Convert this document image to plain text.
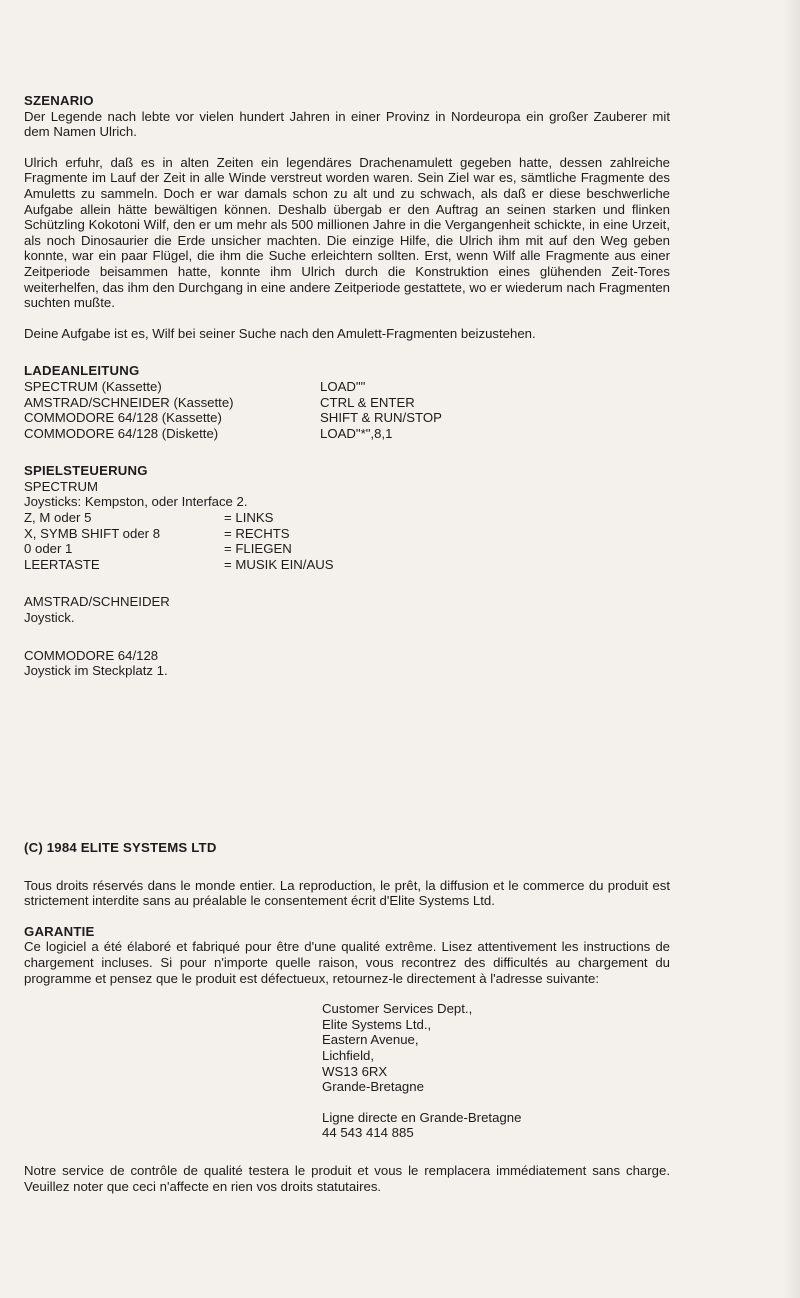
SZENARIO

Der Legende nach lebte vor vielen hundert Jahren in einer Provinz in Nordeuropa ein großer Zauberer mit dem Namen Ulrich.

Ulrich erfuhr, daß es in alten Zeiten ein legendäres Drachenamulett gegeben hatte, dessen zahlreiche Fragmente im Lauf der Zeit in alle Winde verstreut worden waren. Sein Ziel war es, sämtliche Fragmente des Amuletts zu sammeln. Doch er war damals schon zu alt und zu schwach, als daß er diese beschwerliche Aufgabe allein hätte bewältigen können. Deshalb übergab er den Auftrag an seinen starken und flinken Schützling Kokotoni Wilf, den er um mehr als 500 millionen Jahre in die Vergangenheit schickte, in eine Urzeit, als noch Dinosaurier die Erde unsicher machten. Die einzige Hilfe, die Ulrich ihm mit auf den Weg geben konnte, war ein paar Flügel, die ihm die Suche erleichtern sollten. Erst, wenn Wilf alle Fragmente aus einer Zeitperiode beisammen hatte, konnte ihm Ulrich durch die Konstruktion eines glühenden Zeit-Tores weiterhelfen, das ihm den Durchgang in eine andere Zeitperiode gestattete, wo er wiederum nach Fragmenten suchten mußte.

Deine Aufgabe ist es, Wilf bei seiner Suche nach den Amulett-Fragmenten beizustehen.

LADEANLEITUNG
SPECTRUM (Kassette)	LOAD""
AMSTRAD/SCHNEIDER (Kassette)	CTRL & ENTER
COMMODORE 64/128 (Kassette)	SHIFT & RUN/STOP
COMMODORE 64/128 (Diskette)	LOAD"*",8,1
SPIELSTEUERUNG
SPECTRUM
Joysticks: Kempston, oder Interface 2.
Z, M oder 5	= LINKS
X, SYMB SHIFT oder 8	= RECHTS
0 oder 1	= FLIEGEN
LEERTASTE	= MUSIK EIN/AUS
AMSTRAD/SCHNEIDER
Joystick.
COMMODORE 64/128
Joystick im Steckplatz 1.
(C) 1984 ELITE SYSTEMS LTD

Tous droits réservés dans le monde entier. La reproduction, le prêt, la diffusion et le commerce du produit est strictement interdite sans au préalable le consentement écrit d'Elite Systems Ltd.

GARANTIE

Ce logiciel a été élaboré et fabriqué pour être d'une qualité extrême. Lisez attentivement les instructions de chargement incluses. Si pour n'importe quelle raison, vous recontrez des difficultés au chargement du programme et pensez que le produit est défectueux, retournez-le directement à l'adresse suivante:

Customer Services Dept.,
Elite Systems Ltd.,
Eastern Avenue,
Lichfield,
WS13 6RX
Grande-Bretagne
Ligne directe en Grande-Bretagne
44 543 414 885

Notre service de contrôle de qualité testera le produit et vous le remplacera immédiatement sans charge. Veuillez noter que ceci n'affecte en rien vos droits statutaires.
